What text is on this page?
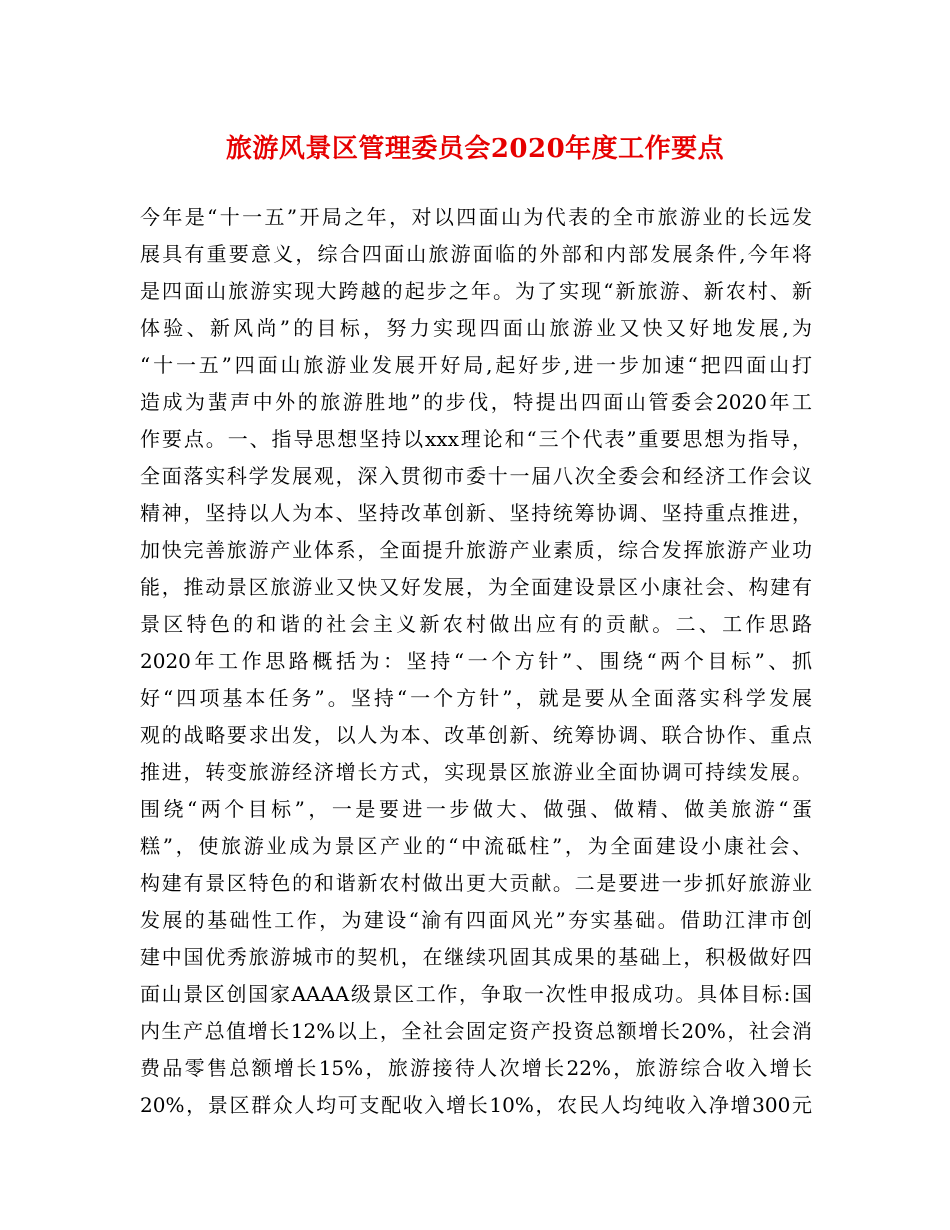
旅游风景区管理委员会2020年度工作要点
今年是“十一五”开局之年，对以四面山为代表的全市旅游业的长远发
展具有重要意义，综合四面山旅游面临的外部和内部发展条件,今年将
是四面山旅游实现大跨越的起步之年。为了实现“新旅游、新农村、新
体验、新风尚”的目标，努力实现四面山旅游业又快又好地发展,为
“十一五”四面山旅游业发展开好局,起好步,进一步加速“把四面山打
造成为蜚声中外的旅游胜地”的步伐，特提出四面山管委会2020年工
作要点。一、指导思想坚持以xxx理论和“三个代表”重要思想为指导，
全面落实科学发展观，深入贯彻市委十一届八次全委会和经济工作会议
精神，坚持以人为本、坚持改革创新、坚持统筹协调、坚持重点推进，
加快完善旅游产业体系，全面提升旅游产业素质，综合发挥旅游产业功
能，推动景区旅游业又快又好发展，为全面建设景区小康社会、构建有
景区特色的和谐的社会主义新农村做出应有的贡献。二、工作思路
2020年工作思路概括为：坚持“一个方针”、围绕“两个目标”、抓
好“四项基本任务”。坚持“一个方针”，就是要从全面落实科学发展
观的战略要求出发，以人为本、改革创新、统筹协调、联合协作、重点
推进，转变旅游经济增长方式，实现景区旅游业全面协调可持续发展。
围绕“两个目标”，一是要进一步做大、做强、做精、做美旅游“蛋
糕”，使旅游业成为景区产业的“中流砥柱”，为全面建设小康社会、
构建有景区特色的和谐新农村做出更大贡献。二是要进一步抓好旅游业
发展的基础性工作，为建设“渝有四面风光”夯实基础。借助江津市创
建中国优秀旅游城市的契机，在继续巩固其成果的基础上，积极做好四
面山景区创国家AAAA级景区工作，争取一次性申报成功。具体目标:国
内生产总值增长12%以上，全社会固定资产投资总额增长20%，社会消
费品零售总额增长15%，旅游接待人次增长22%，旅游综合收入增长
20%，景区群众人均可支配收入增长10%，农民人均纯收入净增300元
